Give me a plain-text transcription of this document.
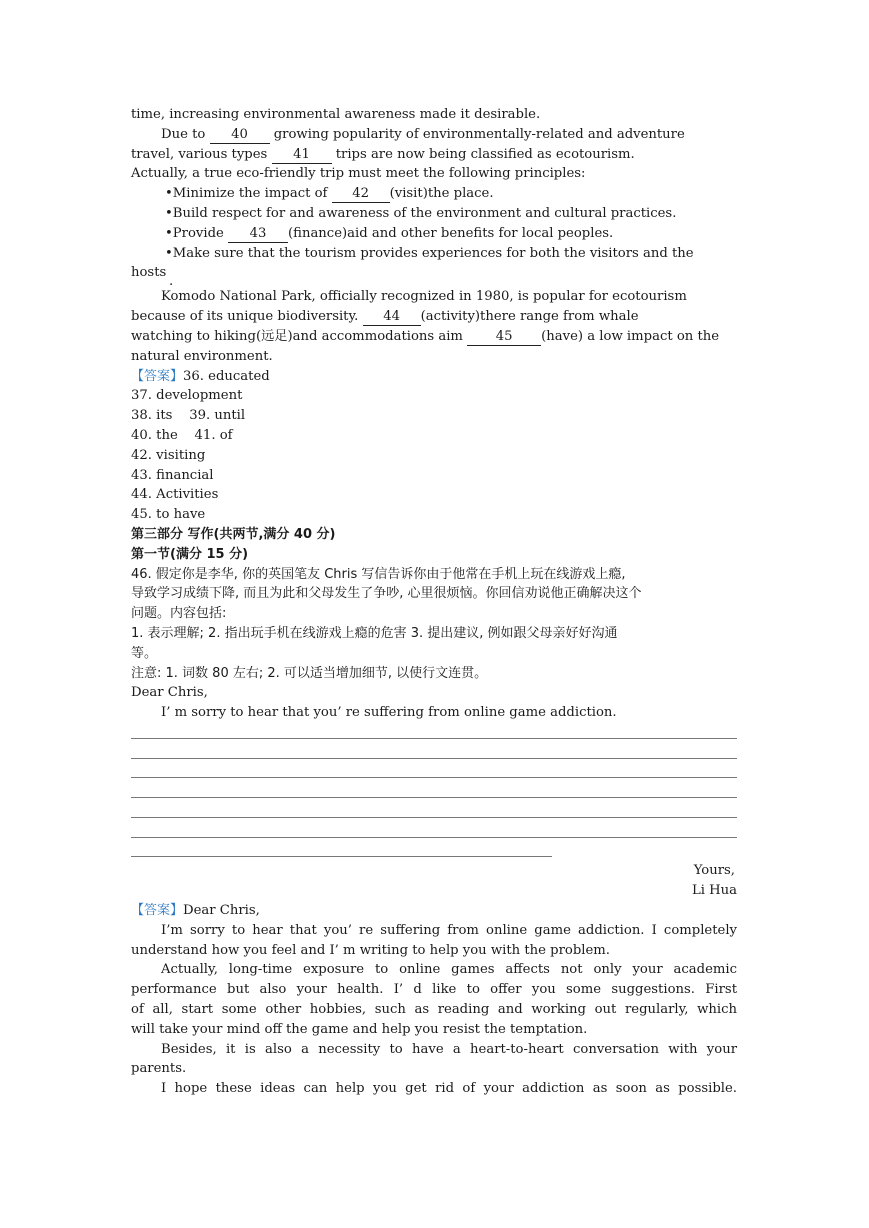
time, increasing environmental awareness made it desirable.
Due to 40 growing popularity of environmentally-related and adventure
travel, various types 41 trips are now being classified as ecotourism.
Actually, a true eco-friendly trip must meet the following principles:
•Minimize the impact of 42 (visit)the place.
•Build respect for and awareness of the environment and cultural practices.
•Provide 43 (finance)aid and other benefits for local peoples.
•Make sure that the tourism provides experiences for both the visitors and the
hosts
.
Komodo National Park, officially recognized in 1980, is popular for ecotourism
because of its unique biodiversity. 44 (activity)there range from whale
watching to hiking(远足)and accommodations aim 45 (have) a low impact on the
natural environment.
【答案】36. educated
37. development
38. its 39. until
40. the 41. of
42. visiting
43. financial
44. Activities
45. to have
第三部分 写作(共两节,满分 40 分)
第一节(满分 15 分)
46. 假定你是李华, 你的英国笔友 Chris 写信告诉你由于他常在手机上玩在线游戏上瘾,
导致学习成绩下降, 而且为此和父母发生了争吵, 心里很烦恼。你回信劝说他正确解决这个
问题。内容包括:
1. 表示理解; 2. 指出玩手机在线游戏上瘾的危害 3. 提出建议, 例如跟父母亲好好沟通
等。
注意: 1. 词数 80 左右; 2. 可以适当增加细节, 以使行文连贯。
Dear Chris,
I’ m sorry to hear that you’ re suffering from online game addiction.
Yours,
Li Hua
【答案】Dear Chris,
I’m sorry to hear that you’ re suffering from online game addiction. I completely
understand how you feel and I’ m writing to help you with the problem.
Actually, long-time exposure to online games affects not only your academic
performance but also your health. I’ d like to offer you some suggestions. First
of all, start some other hobbies, such as reading and working out regularly, which
will take your mind off the game and help you resist the temptation.
Besides, it is also a necessity to have a heart-to-heart conversation with your
parents.
I hope these ideas can help you get rid of your addiction as soon as possible.
